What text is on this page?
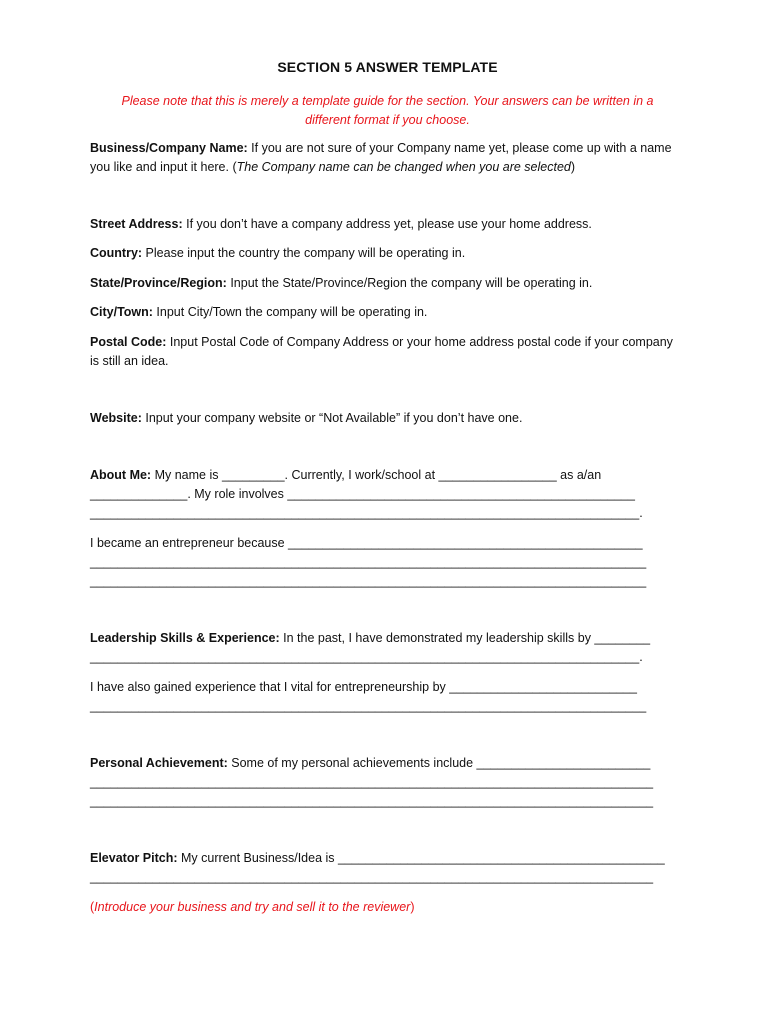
SECTION 5 ANSWER TEMPLATE
Please note that this is merely a template guide for the section. Your answers can be written in a
different format if you choose.
Business/Company Name: If you are not sure of your Company name yet, please come up with a name
you like and input it here. (The Company name can be changed when you are selected)
Street Address: If you don’t have a company address yet, please use your home address.
Country: Please input the country the company will be operating in.
State/Province/Region: Input the State/Province/Region the company will be operating in.
City/Town: Input City/Town the company will be operating in.
Postal Code: Input Postal Code of Company Address or your home address postal code if your company
is still an idea.
Website: Input your company website or “Not Available” if you don’t have one.
About Me: My name is _________. Currently, I work/school at _________________ as a/an
______________. My role involves __________________________________________________
_______________________________________________________________________________.
I became an entrepreneur because ___________________________________________________
________________________________________________________________________________
________________________________________________________________________________
Leadership Skills & Experience: In the past, I have demonstrated my leadership skills by ________
_______________________________________________________________________________.
I have also gained experience that I vital for entrepreneurship by ___________________________
________________________________________________________________________________
Personal Achievement: Some of my personal achievements include _________________________
_________________________________________________________________________________
_________________________________________________________________________________
Elevator Pitch: My current Business/Idea is _______________________________________________
_________________________________________________________________________________
(Introduce your business and try and sell it to the reviewer)
